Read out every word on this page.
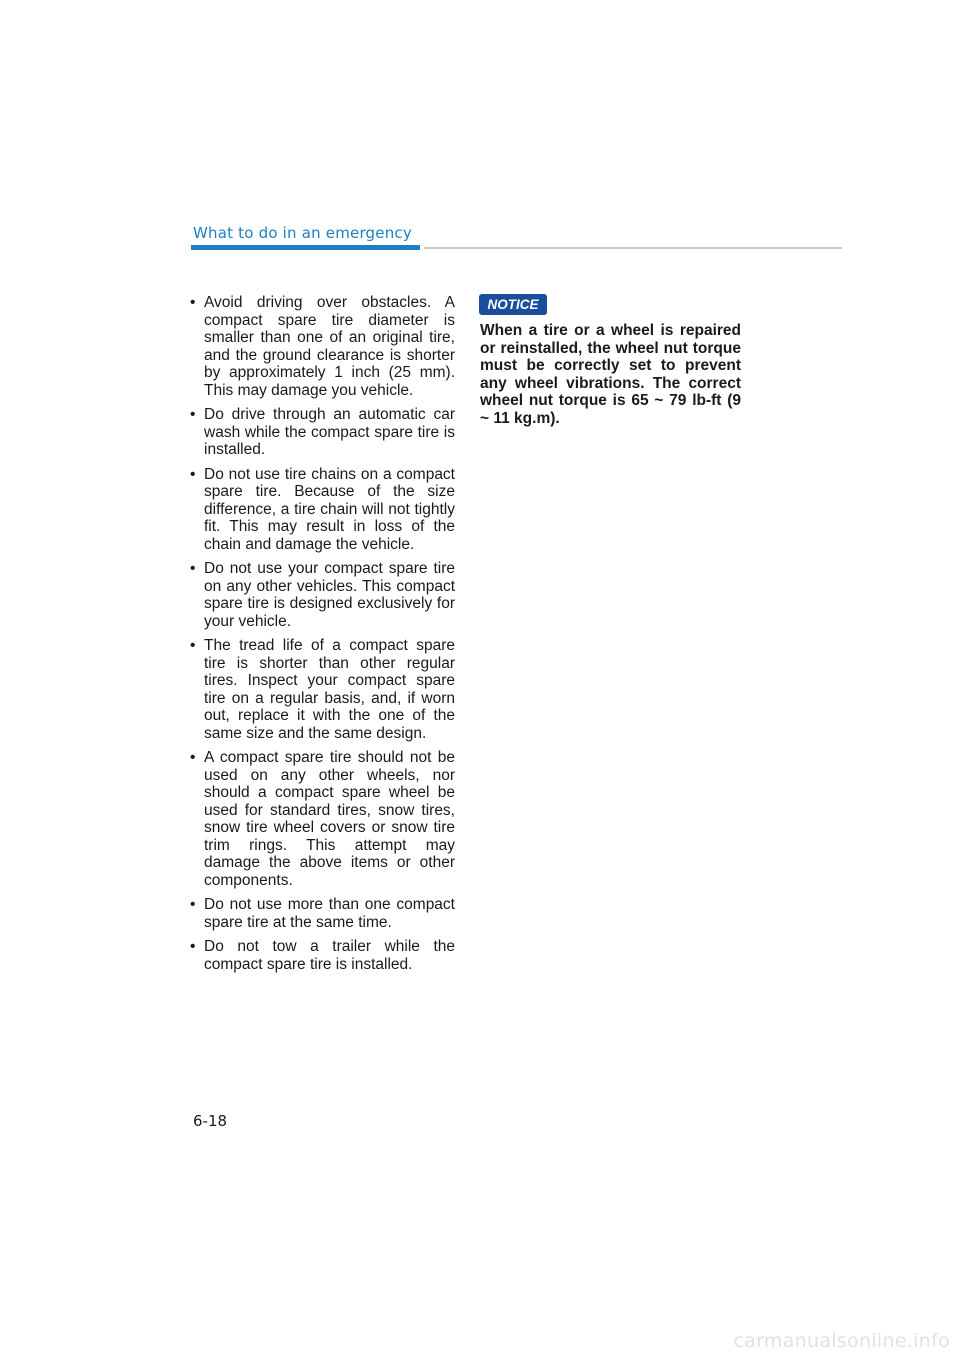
What to do in an emergency
• Avoid driving over obstacles. A compact spare tire diameter is smaller than one of an original tire, and the ground clearance is shorter by approximately 1 inch (25 mm). This may damage you vehicle.
• Do drive through an automatic car wash while the compact spare tire is installed.
• Do not use tire chains on a compact spare tire. Because of the size difference, a tire chain will not tightly fit. This may result in loss of the chain and damage the vehicle.
• Do not use your compact spare tire on any other vehicles. This compact spare tire is designed exclusively for your vehicle.
• The tread life of a compact spare tire is shorter than other regular tires. Inspect your compact spare tire on a regular basis, and, if worn out, replace it with the one of the same size and the same design.
• A compact spare tire should not be used on any other wheels, nor should a compact spare wheel be used for standard tires, snow tires, snow tire wheel covers or snow tire trim rings. This attempt may damage the above items or other components.
• Do not use more than one compact spare tire at the same time.
• Do not tow a trailer while the compact spare tire is installed.
NOTICE

When a tire or a wheel is repaired or reinstalled, the wheel nut torque must be correctly set to prevent any wheel vibrations. The correct wheel nut torque is 65 ~ 79 lb-ft (9 ~ 11 kg.m).

6-18
carmanualsonline.info
